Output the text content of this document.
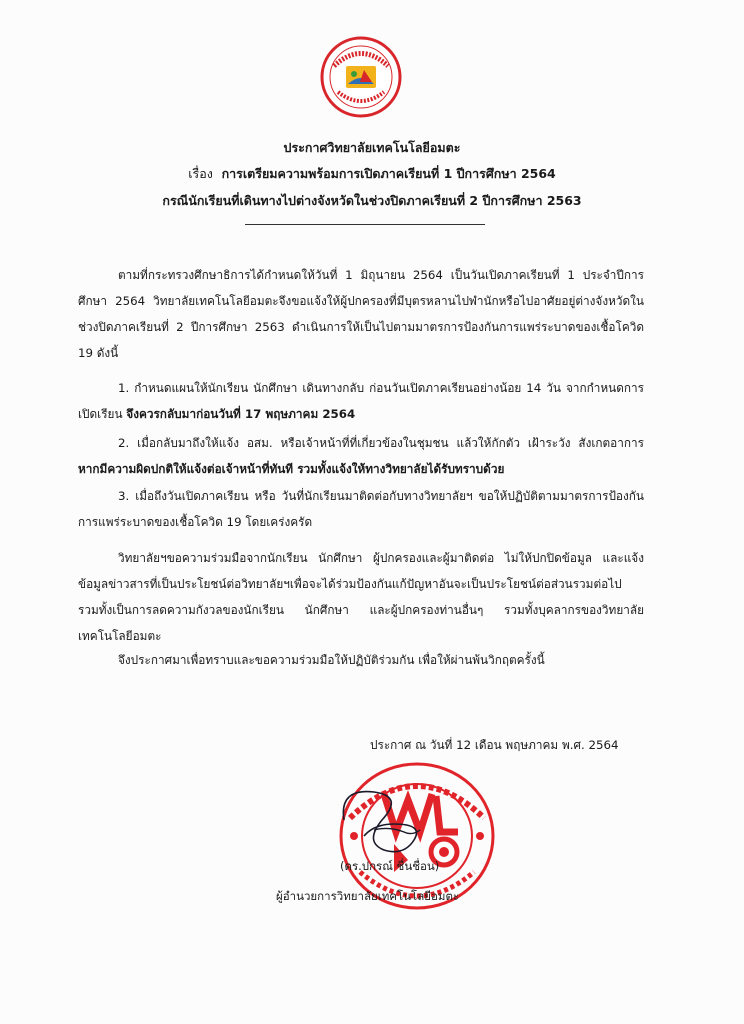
ประกาศวิทยาลัยเทคโนโลยีอมตะ
เรื่อง การเตรียมความพร้อมการเปิดภาคเรียนที่ 1 ปีการศึกษา 2564
กรณีนักเรียนที่เดินทางไปต่างจังหวัดในช่วงปิดภาคเรียนที่ 2 ปีการศึกษา 2563
ตามที่กระทรวงศึกษาธิการได้กำหนดให้วันที่ 1 มิถุนายน 2564 เป็นวันเปิดภาคเรียนที่ 1 ประจำปีการศึกษา 2564 วิทยาลัยเทคโนโลยีอมตะจึงขอแจ้งให้ผู้ปกครองที่มีบุตรหลานไปพำนักหรือไปอาศัยอยู่ต่างจังหวัดในช่วงปิดภาคเรียนที่ 2 ปีการศึกษา 2563 ดำเนินการให้เป็นไปตามมาตรการป้องกันการแพร่ระบาดของเชื้อโควิด 19 ดังนี้
1. กำหนดแผนให้นักเรียน นักศึกษา เดินทางกลับ ก่อนวันเปิดภาคเรียนอย่างน้อย 14 วัน จากกำหนดการเปิดเรียน จึงควรกลับมาก่อนวันที่ 17 พฤษภาคม 2564
2. เมื่อกลับมาถึงให้แจ้ง อสม. หรือเจ้าหน้าที่ที่เกี่ยวข้องในชุมชน แล้วให้กักตัว เฝ้าระวัง สังเกตอาการ หากมีความผิดปกติให้แจ้งต่อเจ้าหน้าที่ทันที รวมทั้งแจ้งให้ทางวิทยาลัยได้รับทราบด้วย
3. เมื่อถึงวันเปิดภาคเรียน หรือ วันที่นักเรียนมาติดต่อกับทางวิทยาลัยฯ ขอให้ปฏิบัติตามมาตรการป้องกันการแพร่ระบาดของเชื้อโควิด 19 โดยเคร่งครัด
วิทยาลัยฯขอความร่วมมือจากนักเรียน นักศึกษา ผู้ปกครองและผู้มาติดต่อ ไม่ให้ปกปิดข้อมูล และแจ้งข้อมูลข่าวสารที่เป็นประโยชน์ต่อวิทยาลัยฯเพื่อจะได้ร่วมป้องกันแก้ปัญหาอันจะเป็นประโยชน์ต่อส่วนรวมต่อไป รวมทั้งเป็นการลดความกังวลของนักเรียน นักศึกษา และผู้ปกครองท่านอื่นๆ รวมทั้งบุคลากรของวิทยาลัยเทคโนโลยีอมตะ
จึงประกาศมาเพื่อทราบและขอความร่วมมือให้ปฏิบัติร่วมกัน เพื่อให้ผ่านพ้นวิกฤตครั้งนี้
ประกาศ ณ วันที่ 12 เดือน พฤษภาคม พ.ศ. 2564
(ดร.ปกรณ์ ชื่นชื่อน)
ผู้อำนวยการวิทยาลัยเทคโนโลยีอมตะ
